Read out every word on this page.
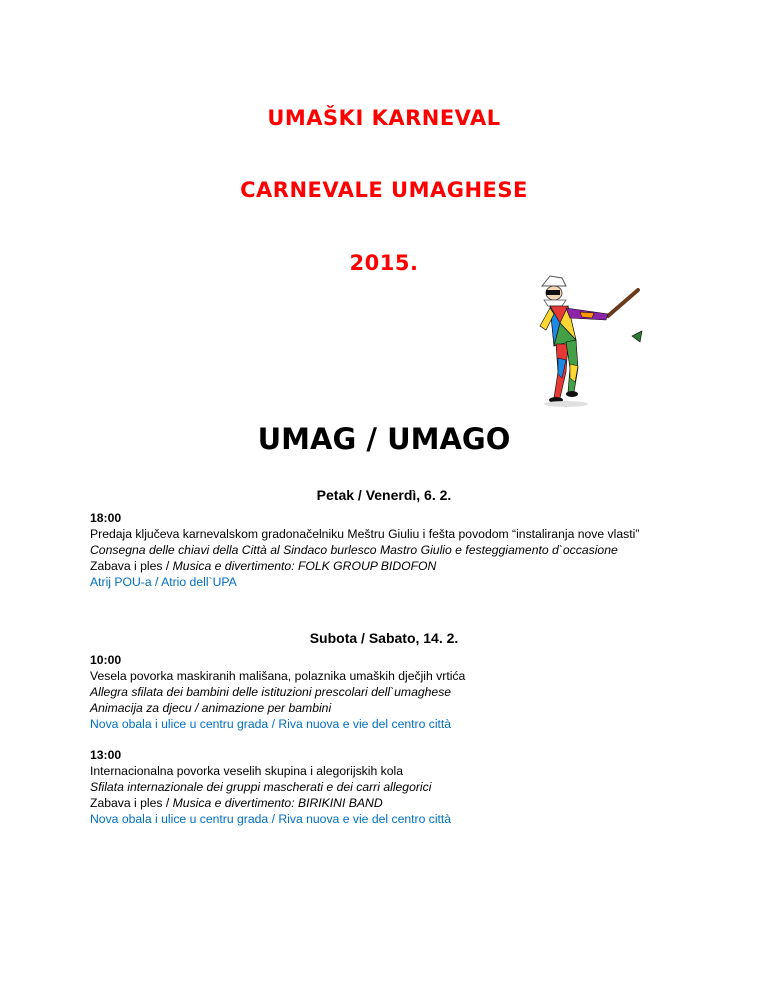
UMAŠKI KARNEVAL
CARNEVALE UMAGHESE
2015.
UMAG / UMAGO
Petak / Venerdì, 6. 2.

18:00

Predaja ključeva karnevalskom gradonačelniku Meštru Giuliu i fešta povodom “instaliranja nove vlasti”

Consegna delle chiavi della Città al Sindaco burlesco Mastro Giulio e festeggiamento d`occasione

Zabava i ples / Musica e divertimento: FOLK GROUP BIDOFON

Atrij POU-a / Atrio dell`UPA

Subota / Sabato, 14. 2.

10:00

Vesela povorka maskiranih mališana, polaznika umaških dječjih vrtića

Allegra sfilata dei bambini delle istituzioni prescolari dell`umaghese

Animacija za djecu / animazione per bambini

Nova obala i ulice u centru grada / Riva nuova e vie del centro città

13:00

Internacionalna povorka veselih skupina i alegorijskih kola

Sfilata internazionale dei gruppi mascherati e dei carri allegorici

Zabava i ples / Musica e divertimento: BIRIKINI BAND

Nova obala i ulice u centru grada / Riva nuova e vie del centro città
